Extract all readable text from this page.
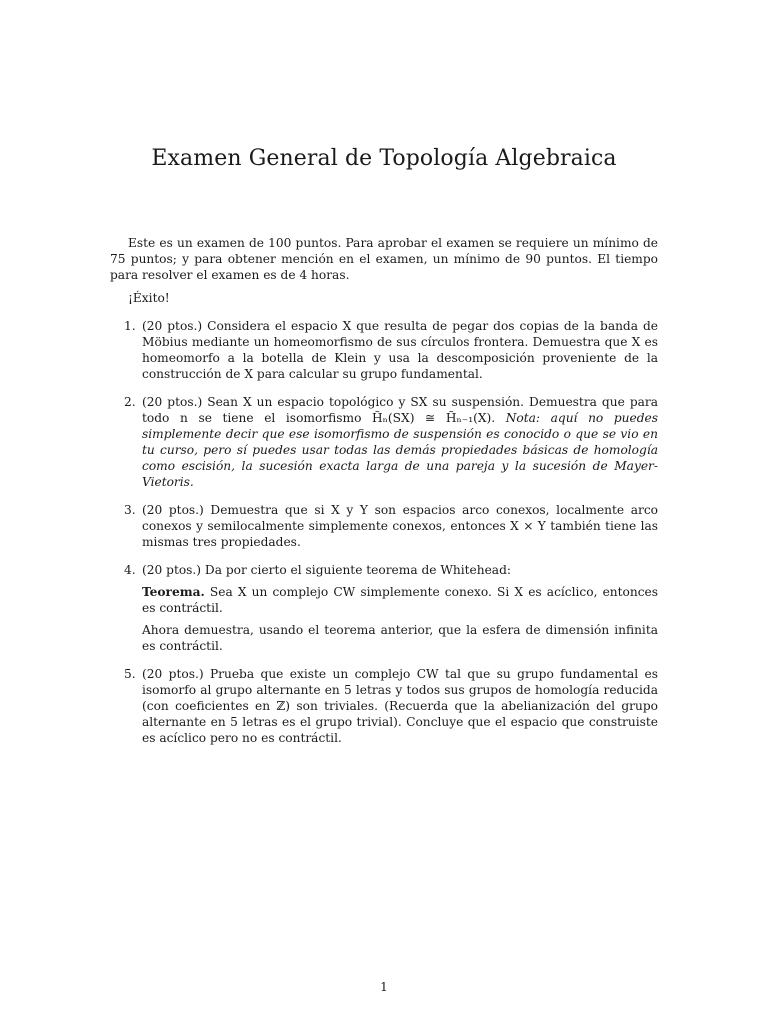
Examen General de Topología Algebraica

Este es un examen de 100 puntos. Para aprobar el examen se requiere un mínimo de 75 puntos; y para obtener mención en el examen, un mínimo de 90 puntos. El tiempo para resolver el examen es de 4 horas.

¡Éxito!

1. (20 ptos.) Considera el espacio X que resulta de pegar dos copias de la banda de Möbius mediante un homeomorfismo de sus círculos frontera. Demuestra que X es homeomorfo a la botella de Klein y usa la descomposición proveniente de la construcción de X para calcular su grupo fundamental.
2. (20 ptos.) Sean X un espacio topológico y SX su suspensión. Demuestra que para todo n se tiene el isomorfismo H̃ₙ(SX) ≅ H̃ₙ₋₁(X). Nota: aquí no puedes simplemente decir que ese isomorfismo de suspensión es conocido o que se vio en tu curso, pero sí puedes usar todas las demás propiedades básicas de homología como escisión, la sucesión exacta larga de una pareja y la sucesión de Mayer-Vietoris.
3. (20 ptos.) Demuestra que si X y Y son espacios arco conexos, localmente arco conexos y semilocalmente simplemente conexos, entonces X × Y también tiene las mismas tres propiedades.
4. (20 ptos.) Da por cierto el siguiente teorema de Whitehead:
Teorema. Sea X un complejo CW simplemente conexo. Si X es acíclico, entonces es contráctil.
Ahora demuestra, usando el teorema anterior, que la esfera de dimensión infinita es contráctil.
5. (20 ptos.) Prueba que existe un complejo CW tal que su grupo fundamental es isomorfo al grupo alternante en 5 letras y todos sus grupos de homología reducida (con coeficientes en ℤ) son triviales. (Recuerda que la abelianización del grupo alternante en 5 letras es el grupo trivial). Concluye que el espacio que construiste es acíclico pero no es contráctil.
1
